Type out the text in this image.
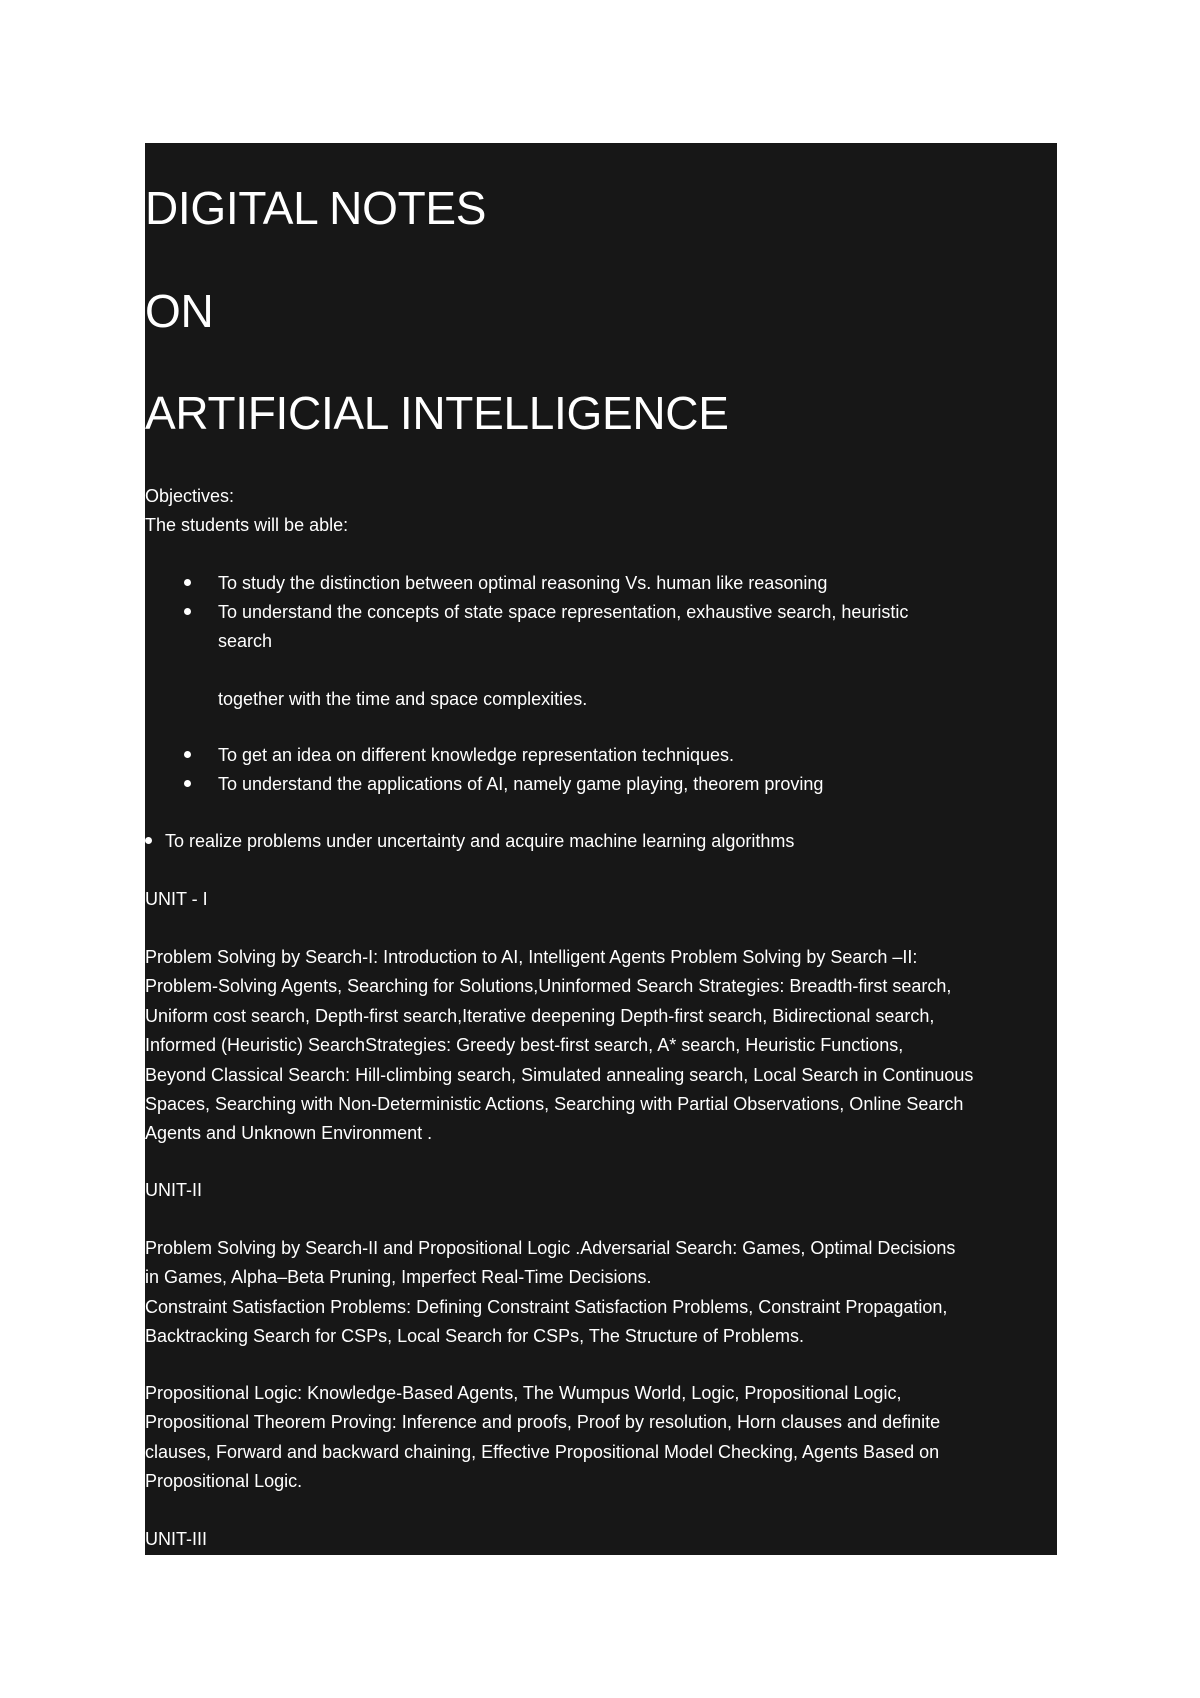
DIGITAL NOTES
ON
ARTIFICIAL INTELLIGENCE
Objectives:
The students will be able:
To study the distinction between optimal reasoning Vs. human like reasoning
To understand the concepts of state space representation, exhaustive search, heuristic
search
together with the time and space complexities.
To get an idea on different knowledge representation techniques.
To understand the applications of AI, namely game playing, theorem proving
To realize problems under uncertainty and acquire machine learning algorithms
UNIT - I
Problem Solving by Search-I: Introduction to AI, Intelligent Agents Problem Solving by Search –II:
Problem-Solving Agents, Searching for Solutions,Uninformed Search Strategies: Breadth-first search,
Uniform cost search, Depth-first search,Iterative deepening Depth-first search, Bidirectional search,
Informed (Heuristic) SearchStrategies: Greedy best-first search, A* search, Heuristic Functions,
Beyond Classical Search: Hill-climbing search, Simulated annealing search, Local Search in Continuous
Spaces, Searching with Non-Deterministic Actions, Searching with Partial Observations, Online Search
Agents and Unknown Environment .
UNIT-II
Problem Solving by Search-II and Propositional Logic .Adversarial Search: Games, Optimal Decisions
in Games, Alpha–Beta Pruning, Imperfect Real-Time Decisions.
Constraint Satisfaction Problems: Defining Constraint Satisfaction Problems, Constraint Propagation,
Backtracking Search for CSPs, Local Search for CSPs, The Structure of Problems.
Propositional Logic: Knowledge-Based Agents, The Wumpus World, Logic, Propositional Logic,
Propositional Theorem Proving: Inference and proofs, Proof by resolution, Horn clauses and definite
clauses, Forward and backward chaining, Effective Propositional Model Checking, Agents Based on
Propositional Logic.
UNIT-III
